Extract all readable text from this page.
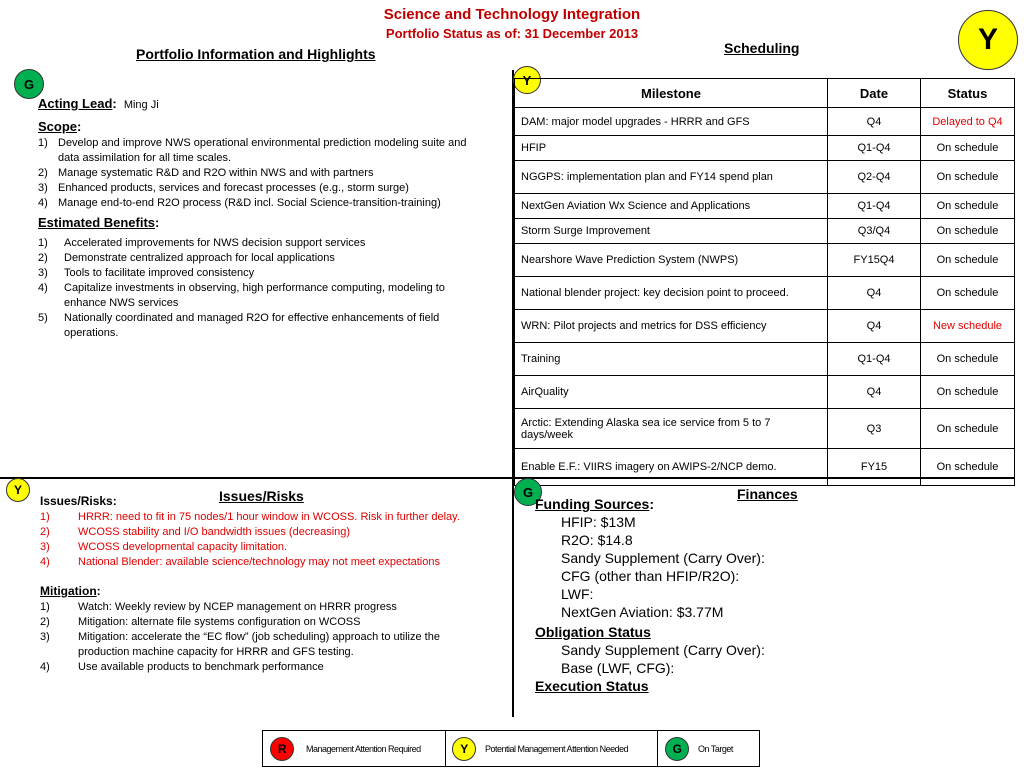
Science and Technology Integration
Portfolio Status as of: 31 December 2013	Y
Portfolio Information and Highlights
G
Acting Lead: Ming Ji
Scope:
1) Develop and improve NWS operational environmental prediction modeling suite and data assimilation for all time scales.
2) Manage systematic R&D and R2O within NWS and with partners
3) Enhanced products, services and forecast processes (e.g., storm surge)
4) Manage end-to-end R2O process (R&D incl. Social Science-transition-training)
Estimated Benefits:
1) Accelerated improvements for NWS decision support services
2) Demonstrate centralized approach for local applications
3) Tools to facilitate improved consistency
4) Capitalize investments in observing, high performance computing, modeling to enhance NWS services
5) Nationally coordinated and managed R2O for effective enhancements of field operations.
Scheduling
Y
Milestone	Date	Status
DAM: major model upgrades - HRRR and GFS	Q4	Delayed to Q4
HFIP	Q1-Q4	On schedule
NGGPS: implementation plan and FY14 spend plan	Q2-Q4	On schedule
NextGen Aviation Wx Science and Applications	Q1-Q4	On schedule
Storm Surge Improvement	Q3/Q4	On schedule
Nearshore Wave Prediction System (NWPS)	FY15Q4	On schedule
National blender project: key decision point to proceed.	Q4	On schedule
WRN: Pilot projects and metrics for DSS efficiency	Q4	New schedule
Training	Q1-Q4	On schedule
AirQuality	Q4	On schedule
Arctic: Extending Alaska sea ice service from 5 to 7 days/week	Q3	On schedule
Enable E.F.: VIIRS imagery on AWIPS-2/NCP demo.	FY15	On schedule
Y	Issues/Risks
Issues/Risks:
1)	HRRR: need to fit in 75 nodes/1 hour window in WCOSS. Risk in further delay.
2)	WCOSS stability and I/O bandwidth issues (decreasing)
3)	WCOSS developmental capacity limitation.
4)	National Blender: available science/technology may not meet expectations
Mitigation:
1)	Watch: Weekly review by NCEP management on HRRR progress
2)	Mitigation: alternate file systems configuration on WCOSS
3)	Mitigation: accelerate the “EC flow” (job scheduling) approach to utilize the production machine capacity for HRRR and GFS testing.
4)	Use available products to benchmark performance
G	Finances
Funding Sources:
HFIP: $13M
R2O: $14.8
Sandy Supplement (Carry Over):
CFG (other than HFIP/R2O):
LWF:
NextGen Aviation: $3.77M
Obligation Status
Sandy Supplement (Carry Over):
Base (LWF, CFG):
Execution Status
R	Management Attention Required	Y	Potential Management Attention Needed	G	On Target
